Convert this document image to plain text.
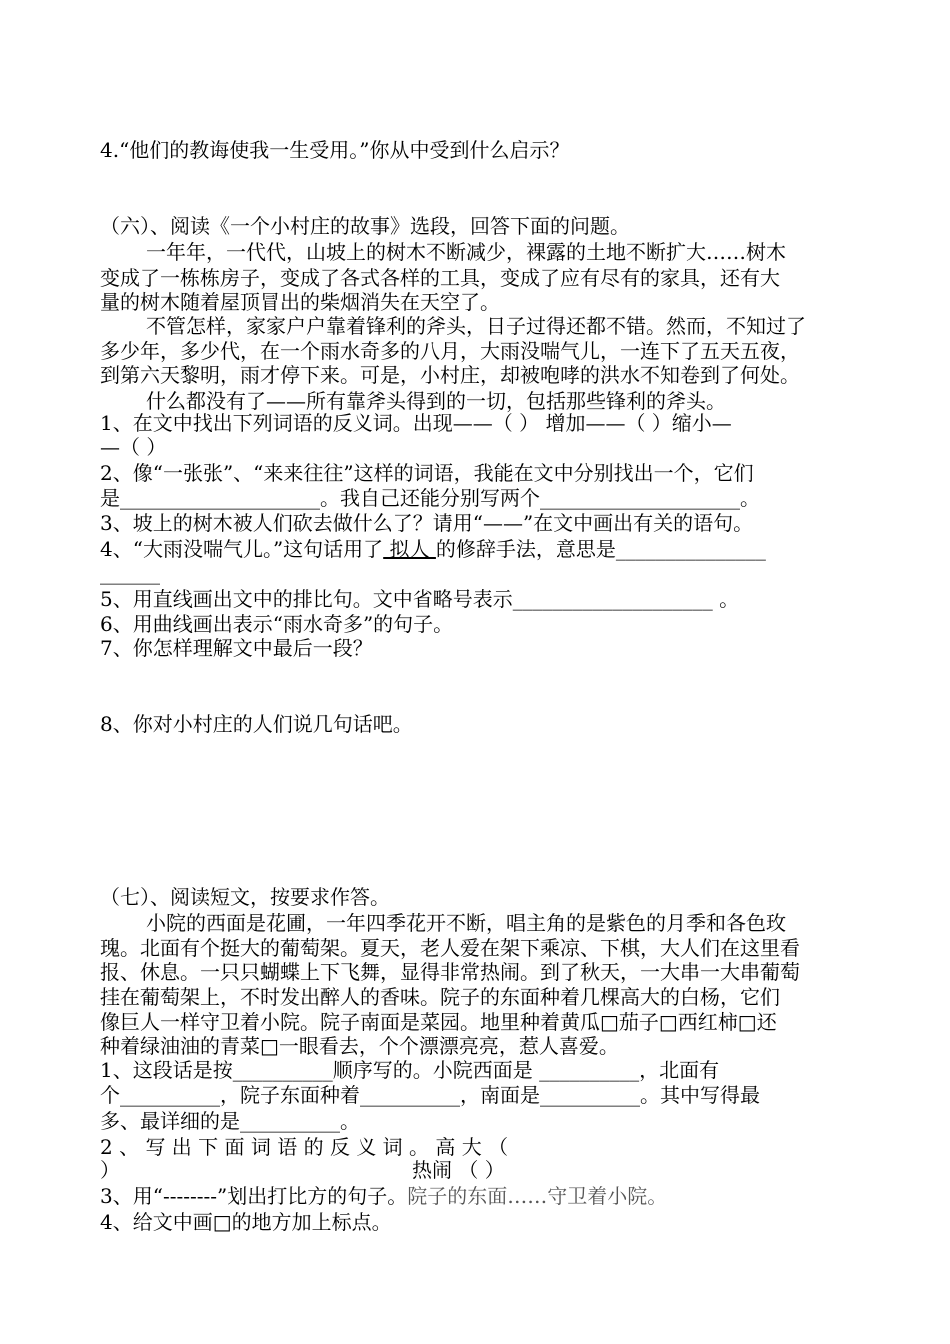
4.“他们的教诲使我一生受用。”你从中受到什么启示？
（六）、阅读《一个小村庄的故事》选段，回答下面的问题。
一年年，一代代，山坡上的树木不断减少，裸露的土地不断扩大……树木
变成了一栋栋房子，变成了各式各样的工具，变成了应有尽有的家具，还有大
量的树木随着屋顶冒出的柴烟消失在天空了。
不管怎样，家家户户靠着锋利的斧头，日子过得还都不错。然而，不知过了
多少年，多少代，在一个雨水奇多的八月，大雨没喘气儿，一连下了五天五夜，
到第六天黎明，雨才停下来。可是，小村庄，却被咆哮的洪水不知卷到了何处。
什么都没有了——所有靠斧头得到的一切，包括那些锋利的斧头。
1、在文中找出下列词语的反义词。出现——（ ） 增加——（ ）缩小—
—（ ）
2、像“一张张”、“来来往往”这样的词语，我能在文中分别找出一个，它们
是____________________。我自己还能分别写两个____________________。
3、坡上的树木被人们砍去做什么了？请用“——”在文中画出有关的语句。
4、“大雨没喘气儿。”这句话用了 拟人 的修辞手法，意思是_______________
______
5、用直线画出文中的排比句。文中省略号表示____________________ 。
6、用曲线画出表示“雨水奇多”的句子。
7、你怎样理解文中最后一段？
8、你对小村庄的人们说几句话吧。
（七）、阅读短文，按要求作答。
小院的西面是花圃，一年四季花开不断，唱主角的是紫色的月季和各色玫
瑰。北面有个挺大的葡萄架。夏天，老人爱在架下乘凉、下棋，大人们在这里看
报、休息。一只只蝴蝶上下飞舞，显得非常热闹。到了秋天，一大串一大串葡萄
挂在葡萄架上，不时发出醉人的香味。院子的东面种着几棵高大的白杨，它们
像巨人一样守卫着小院。院子南面是菜园。地里种着黄瓜□茄子□西红柿□还
种着绿油油的青菜□一眼看去，个个漂漂亮亮，惹人喜爱。
1、这段话是按__________顺序写的。小院西面是 __________，北面有
个__________，院子东面种着__________，南面是__________。其中写得最
多、最详细的是__________。
2 、 写 出 下 面 词 语 的 反 义 词 。 高 大 （
）	热闹 （ ）
3、用“--------”划出打比方的句子。院子的东面……守卫着小院。
4、给文中画□的地方加上标点。
